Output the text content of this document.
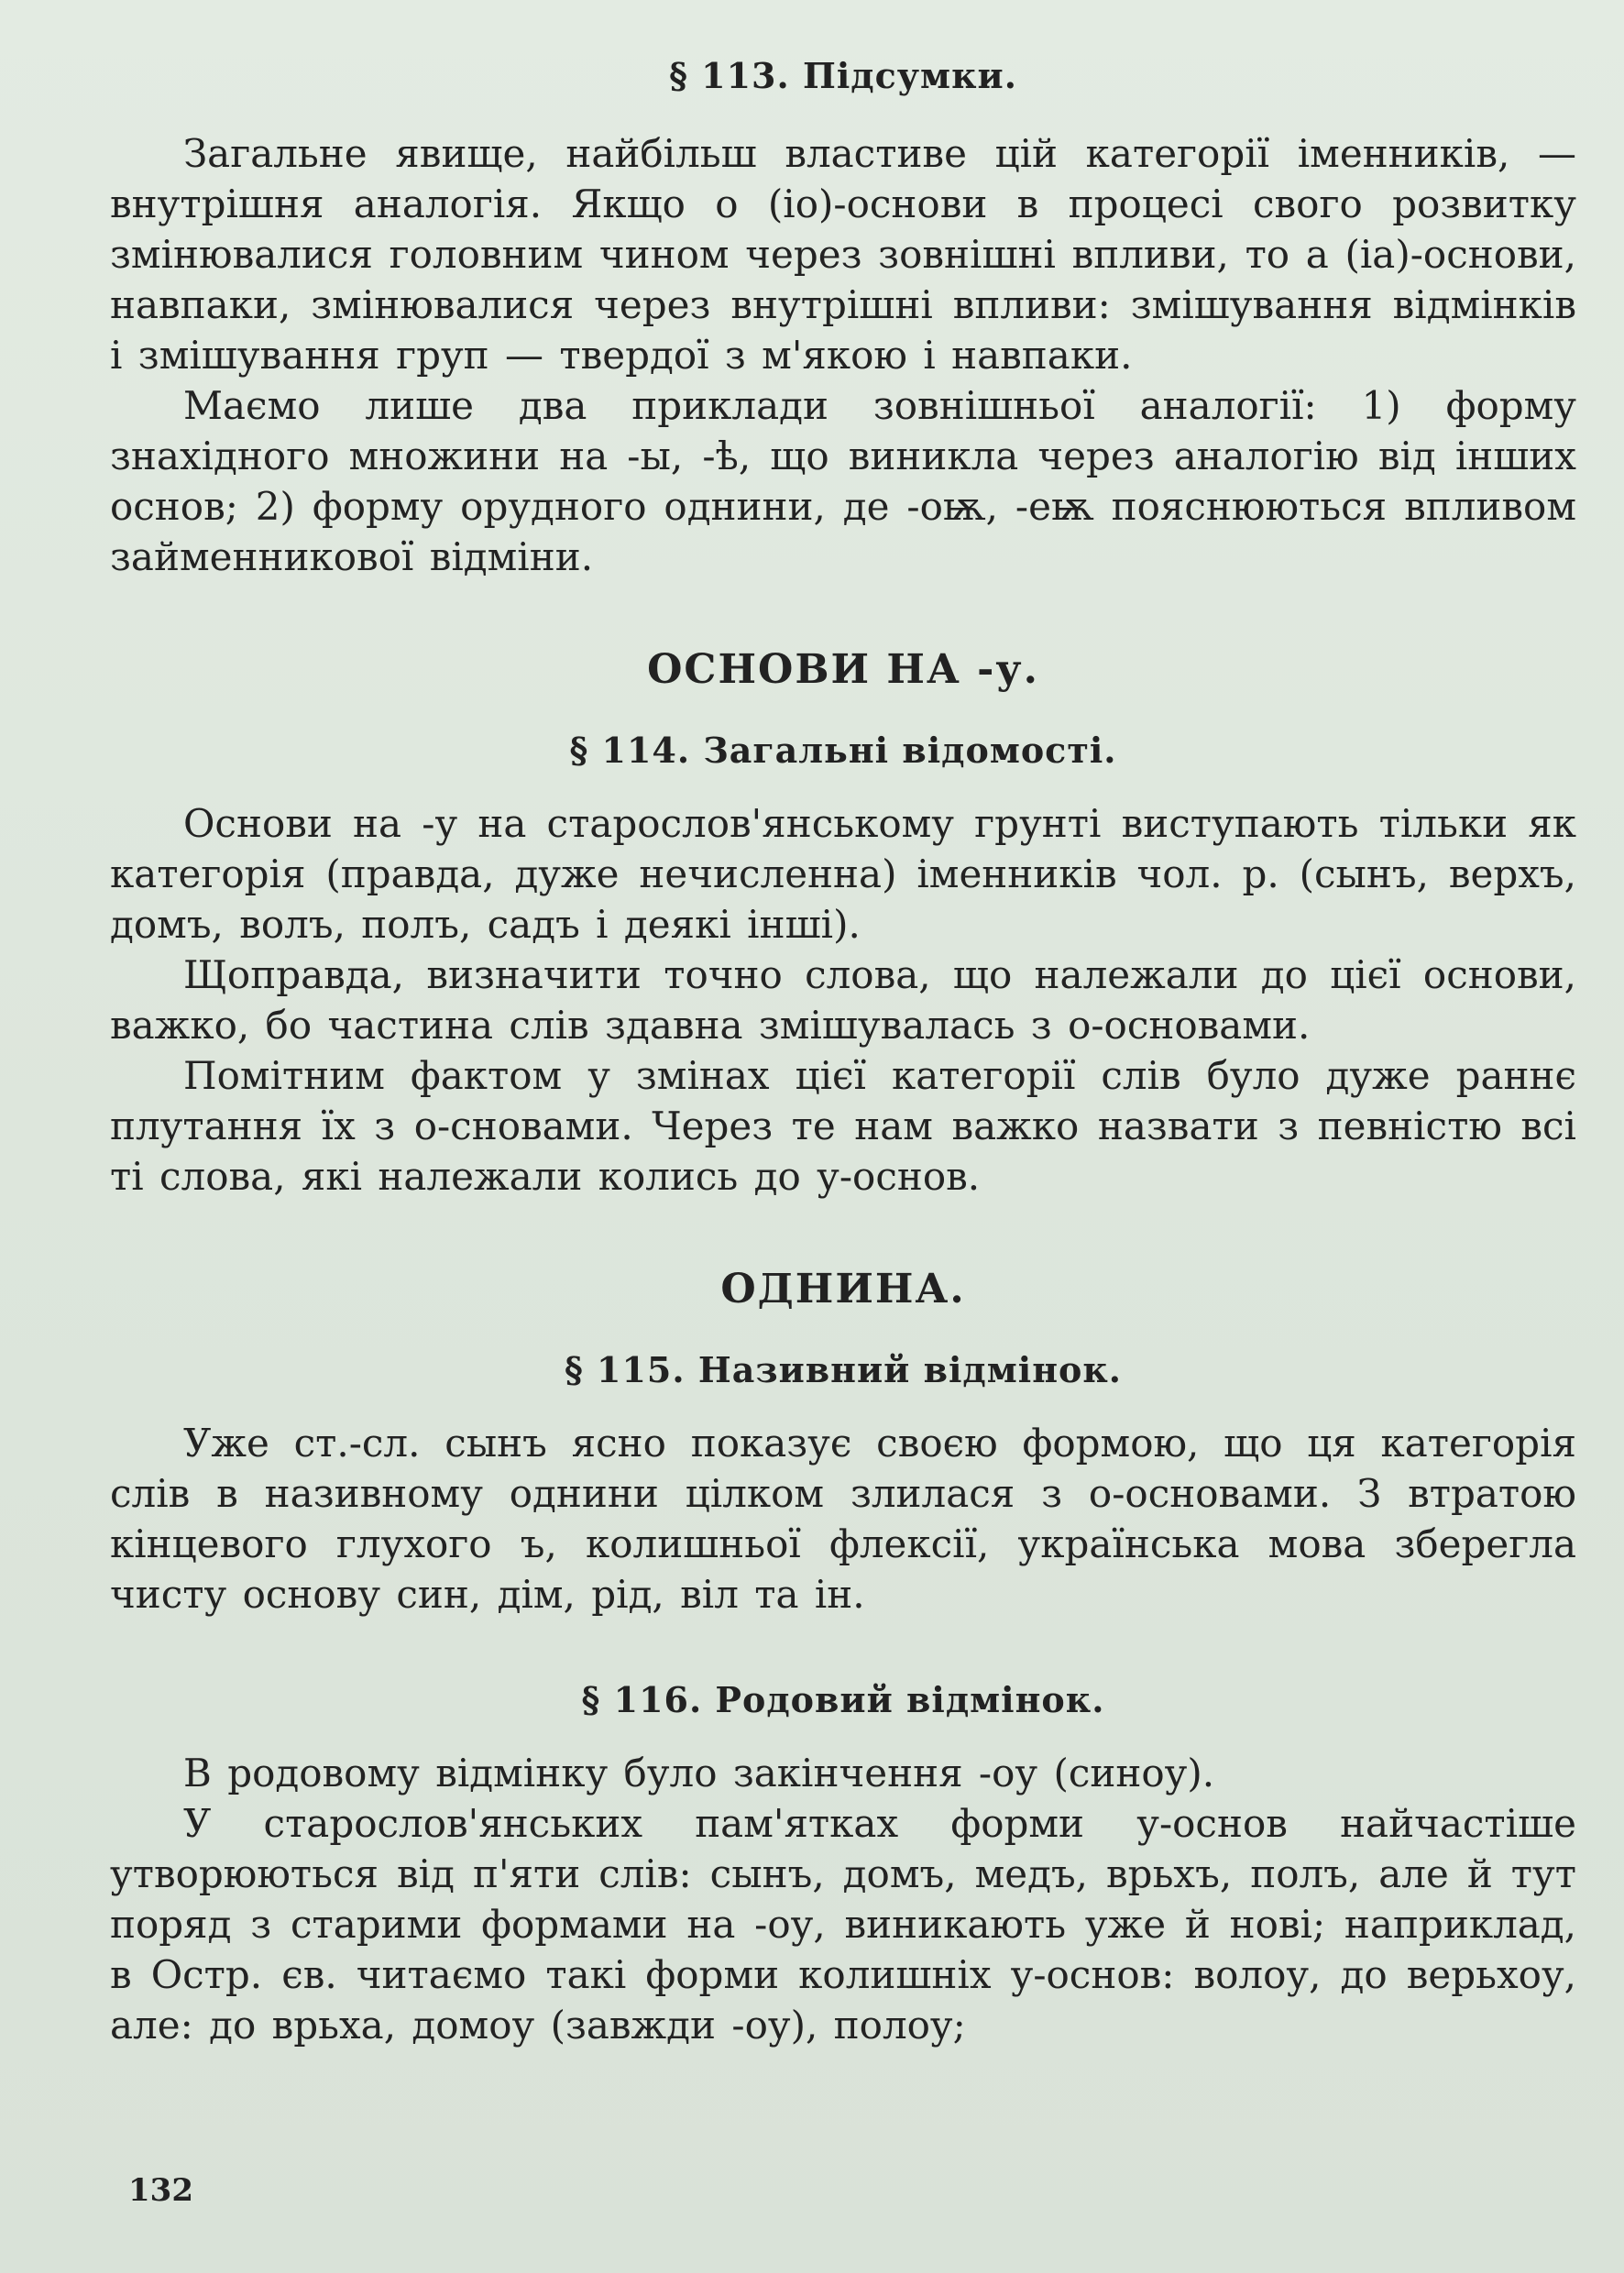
§ 113. Підсумки.

Загальне явище, найбільш властиве цій категорії іменників, — внутрішня аналогія. Якщо о (іо)-основи в процесі свого розвитку змінювалися головним чином через зовнішні впливи, то а (іа)-основи, навпаки, змінювалися через внутрішні впливи: змішування відмінків і змішування груп — твердої з м'якою і навпаки.

Маємо лише два приклади зовнішньої аналогії: 1) форму знахідного множини на -ы, -ѣ, що виникла через аналогію від інших основ; 2) форму орудного однини, де -оѭ, -еѭ пояснюються впливом займенникової відміни.

ОСНОВИ НА -у.
§ 114. Загальні відомості.

Основи на -у на старослов'янському грунті виступають тільки як категорія (правда, дуже нечисленна) іменників чол. р. (сынъ, верхъ, домъ, волъ, полъ, садъ і деякі інші).

Щоправда, визначити точно слова, що належали до цієї основи, важко, бо частина слів здавна змішувалась з о-основами.

Помітним фактом у змінах цієї категорії слів було дуже раннє плутання їх з о-сновами. Через те нам важко назвати з певністю всі ті слова, які належали колись до у-основ.

ОДНИНА.
§ 115. Називний відмінок.

Уже ст.-сл. сынъ ясно показує своєю формою, що ця категорія слів в називному однини цілком злилася з о-основами. З втратою кінцевого глухого ъ, колишньої флексії, українська мова зберегла чисту основу син, дім, рід, віл та ін.

§ 116. Родовий відмінок.

В родовому відмінку було закінчення -оу (синоу).

У старослов'янських пам'ятках форми у-основ найчастіше утворюються від п'яти слів: сынъ, домъ, медъ, врьхъ, полъ, але й тут поряд з старими формами на -оу, виникають уже й нові; наприклад, в Остр. єв. читаємо такі форми колишніх у-основ: волоу, до верьхоу, але: до врьха, домоу (завжди -оу), полоу;

132
